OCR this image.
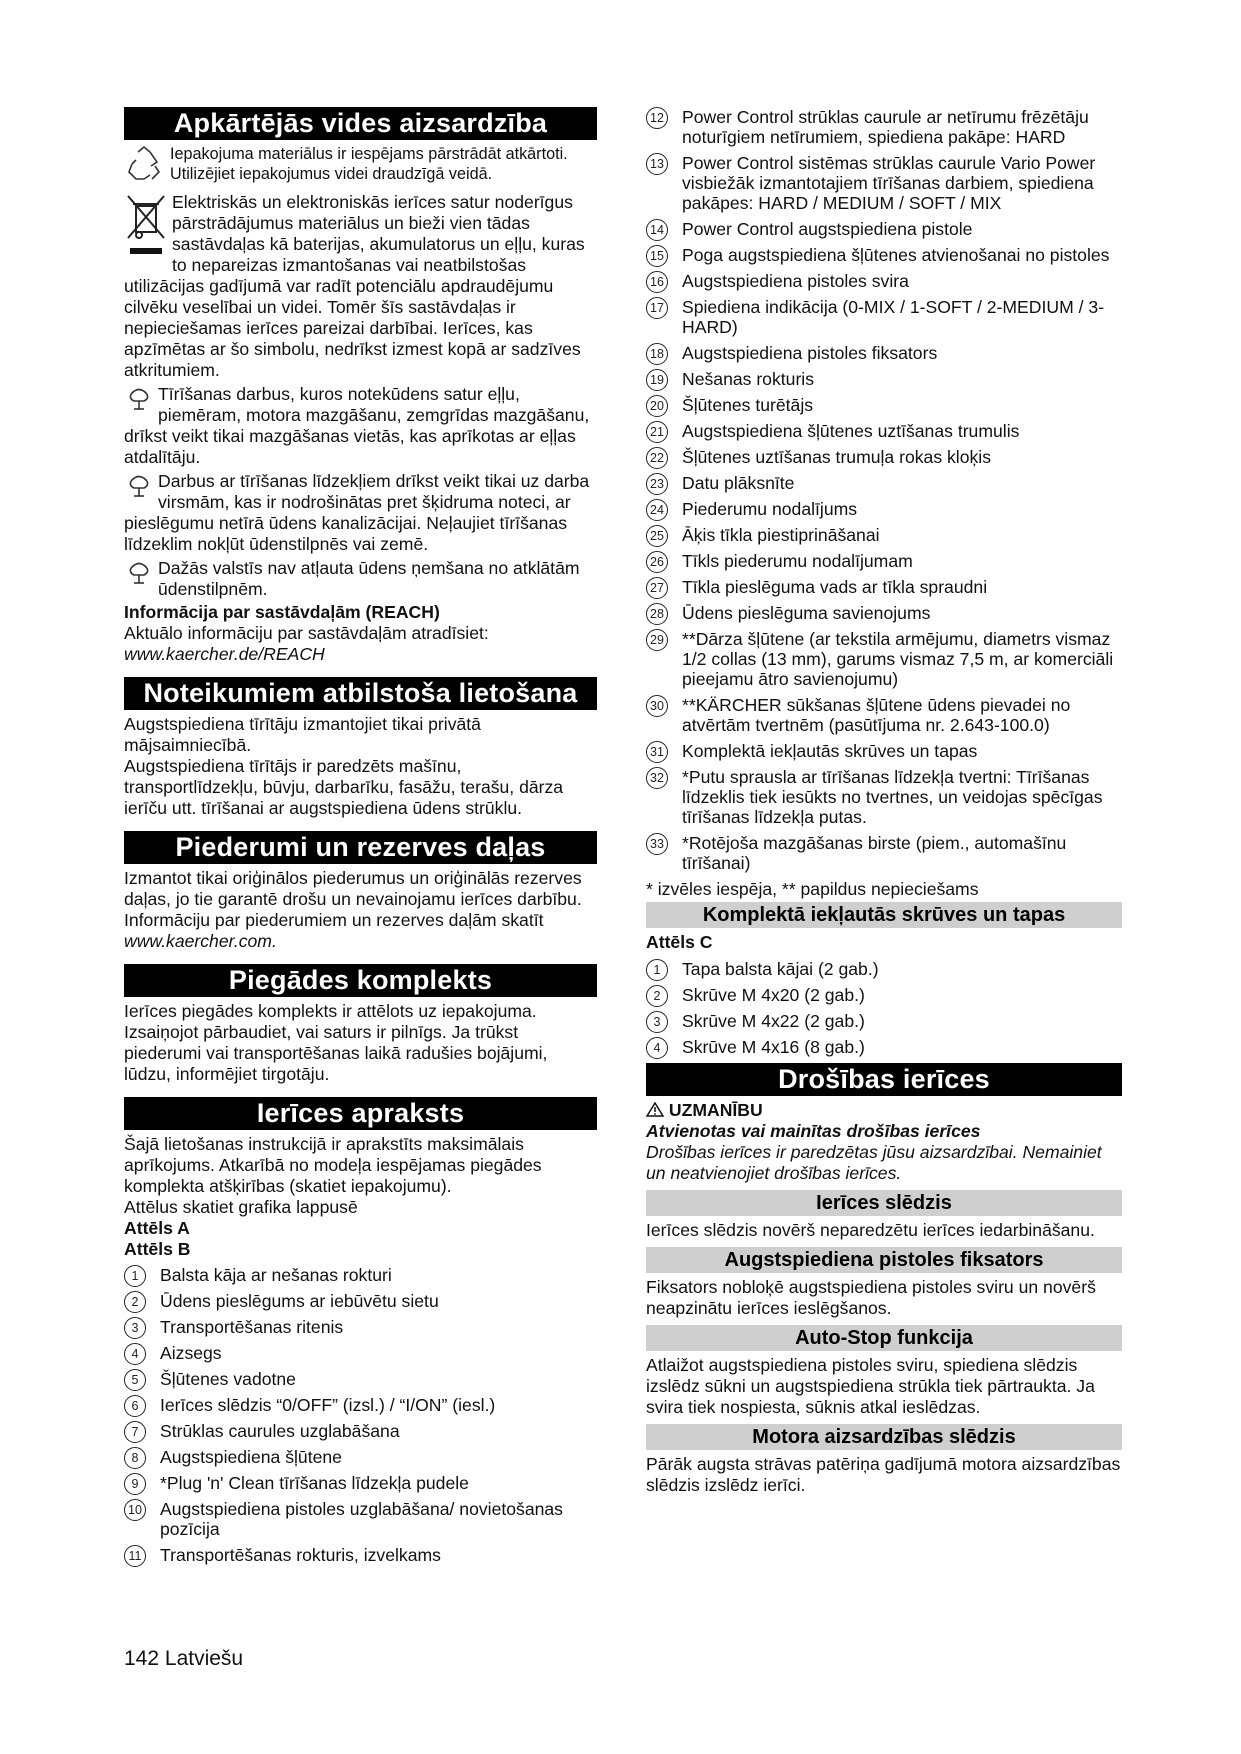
Apkārtējās vides aizsardzība

Iepakojuma materiālus ir iespējams pārstrādāt atkārtoti. Utilizējiet iepakojumus videi draudzīgā veidā.

Elektriskās un elektroniskās ierīces satur noderīgus pārstrādājumus materiālus un bieži vien tādas sastāvdaļas kā baterijas, akumulatorus un eļļu, kuras to nepareizas izmantošanas vai neatbilstošas utilizācijas gadījumā var radīt potenciālu apdraudējumu cilvēku veselībai un videi. Tomēr šīs sastāvdaļas ir nepieciešamas ierīces pareizai darbībai. Ierīces, kas apzīmētas ar šo simbolu, nedrīkst izmest kopā ar sadzīves atkritumiem.

Tīrīšanas darbus, kuros notekūdens satur eļļu, piemēram, motora mazgāšanu, zemgrīdas mazgāšanu, drīkst veikt tikai mazgāšanas vietās, kas aprīkotas ar eļļas atdalītāju.

Darbus ar tīrīšanas līdzekļiem drīkst veikt tikai uz darba virsmām, kas ir nodrošinātas pret šķidruma noteci, ar pieslēgumu netīrā ūdens kanalizācijai. Neļaujiet tīrīšanas līdzeklim nokļūt ūdenstilpnēs vai zemē.

Dažās valstīs nav atļauta ūdens ņemšana no atklātām ūdenstilpnēm.

Informācija par sastāvdaļām (REACH)

Aktuālo informāciju par sastāvdaļām atradīsiet:

www.kaercher.de/REACH

Noteikumiem atbilstoša lietošana

Augstspiediena tīrītāju izmantojiet tikai privātā mājsaimniecībā.

Augstspiediena tīrītājs ir paredzēts mašīnu, transportlīdzekļu, būvju, darbarīku, fasāžu, terašu, dārza ierīču utt. tīrīšanai ar augstspiediena ūdens strūklu.

Piederumi un rezerves daļas

Izmantot tikai oriģinālos piederumus un oriģinālās rezerves daļas, jo tie garantē drošu un nevainojamu ierīces darbību.

Informāciju par piederumiem un rezerves daļām skatīt

www.kaercher.com.

Piegādes komplekts

Ierīces piegādes komplekts ir attēlots uz iepakojuma. Izsaiņojot pārbaudiet, vai saturs ir pilnīgs. Ja trūkst piederumi vai transportēšanas laikā radušies bojājumi, lūdzu, informējiet tirgotāju.

Ierīces apraksts

Šajā lietošanas instrukcijā ir aprakstīts maksimālais aprīkojums. Atkarībā no modeļa iespējamas piegādes komplekta atšķirības (skatiet iepakojumu).

Attēlus skatiet grafika lappusē

Attēls A

Attēls B

1	Balsta kāja ar nešanas rokturi
2	Ūdens pieslēgums ar iebūvētu sietu
3	Transportēšanas ritenis
4	Aizsegs
5	Šļūtenes vadotne
6	Ierīces slēdzis “0/OFF” (izsl.) / “I/ON” (iesl.)
7	Strūklas caurules uzglabāšana
8	Augstspiediena šļūtene
9	*Plug 'n' Clean tīrīšanas līdzekļa pudele
10 Augstspiediena pistoles uzglabāšana/ novietošanas pozīcija
11 Transportēšanas rokturis, izvelkams
12 Power Control strūklas caurule ar netīrumu frēzētāju noturīgiem netīrumiem, spiediena pakāpe: HARD
13 Power Control sistēmas strūklas caurule Vario Power visbiežāk izmantotajiem tīrīšanas darbiem, spiediena pakāpes: HARD / MEDIUM / SOFT / MIX
14 Power Control augstspiediena pistole
15 Poga augstspiediena šļūtenes atvienošanai no pistoles
16 Augstspiediena pistoles svira
17 Spiediena indikācija (0-MIX / 1-SOFT / 2-MEDIUM / 3-HARD)
18 Augstspiediena pistoles fiksators
19 Nešanas rokturis
20 Šļūtenes turētājs
21 Augstspiediena šļūtenes uztīšanas trumulis
22 Šļūtenes uztīšanas trumuļa rokas kloķis
23 Datu plāksnīte
24 Piederumu nodalījums
25 Āķis tīkla piestiprināšanai
26 Tīkls piederumu nodalījumam
27 Tīkla pieslēguma vads ar tīkla spraudni
28 Ūdens pieslēguma savienojums
29 **Dārza šļūtene (ar tekstila armējumu, diametrs vismaz 1/2 collas (13 mm), garums vismaz 7,5 m, ar komerciāli pieejamu ātro savienojumu)
30 **KÄRCHER sūkšanas šļūtene ūdens pievadei no atvērtām tvertnēm (pasūtījuma nr. 2.643-100.0)
31 Komplektā iekļautās skrūves un tapas
32 *Putu sprausla ar tīrīšanas līdzekļa tvertni: Tīrīšanas līdzeklis tiek iesūkts no tvertnes, un veidojas spēcīgas tīrīšanas līdzekļa putas.
33 *Rotējoša mazgāšanas birste (piem., automašīnu tīrīšanai)

* izvēles iespēja, ** papildus nepieciešams

Komplektā iekļautās skrūves un tapas

Attēls C

1	Tapa balsta kājai (2 gab.)
2	Skrūve M 4x20 (2 gab.)
3	Skrūve M 4x22 (2 gab.)
4	Skrūve M 4x16 (8 gab.)
Drošības ierīces

UZMANĪBU

Atvienotas vai mainītas drošības ierīces

Drošības ierīces ir paredzētas jūsu aizsardzībai. Nemainiet un neatvienojiet drošības ierīces.

Ierīces slēdzis

Ierīces slēdzis novērš neparedzētu ierīces iedarbināšanu.

Augstspiediena pistoles fiksators

Fiksators nobloķē augstspiediena pistoles sviru un novērš neapzinātu ierīces ieslēgšanos.

Auto-Stop funkcija

Atlaižot augstspiediena pistoles sviru, spiediena slēdzis izslēdz sūkni un augstspiediena strūkla tiek pārtraukta. Ja svira tiek nospiesta, sūknis atkal ieslēdzas.

Motora aizsardzības slēdzis

Pārāk augsta strāvas patēriņa gadījumā motora aizsardzības slēdzis izslēdz ierīci.

142 Latviešu
